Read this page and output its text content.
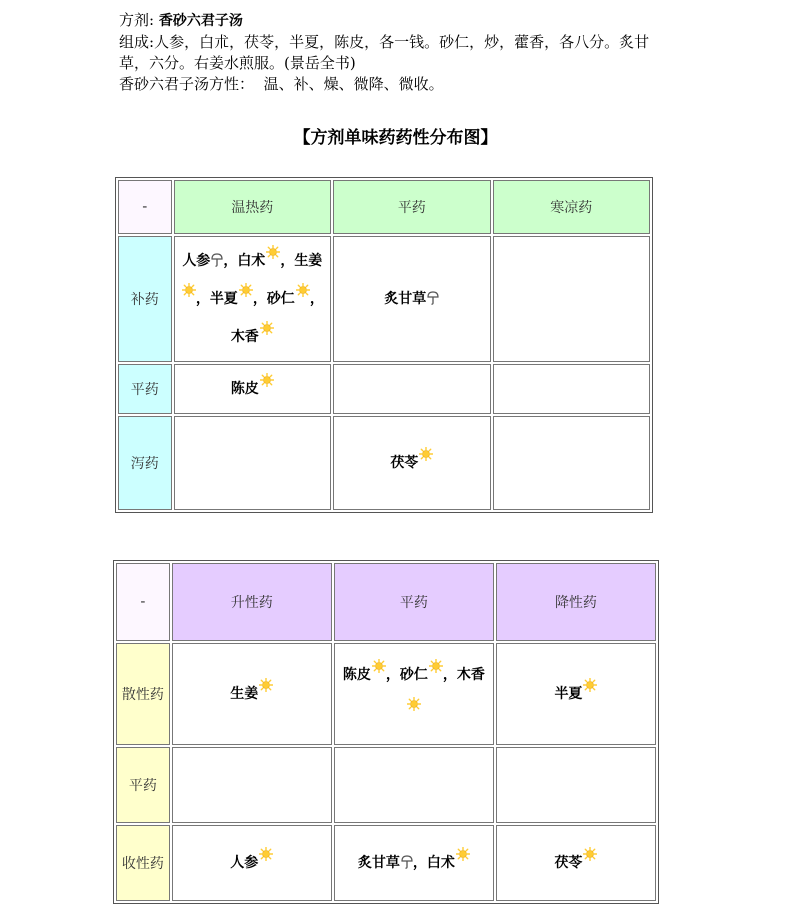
方剂: 香砂六君子汤
组成:人参，白朮，茯苓，半夏，陈皮，各一钱。砂仁，炒，藿香，各八分。炙甘草，六分。右姜水煎服。(景岳全书)
香砂六君子汤方性： 温、补、燥、微降、微收。
【方剂单味药药性分布图】
-	温热药	平药	寒凉药
补药	人参 ，白术 ，生姜，半夏 ，砂仁 ，木香	炙甘草	
平药	陈皮		
泻药		茯苓	
-	升性药	平药	降性药
散性药	生姜	陈皮 ，砂仁 ，木香	半夏
平药			
收性药	人参	炙甘草 ，白术	茯苓
